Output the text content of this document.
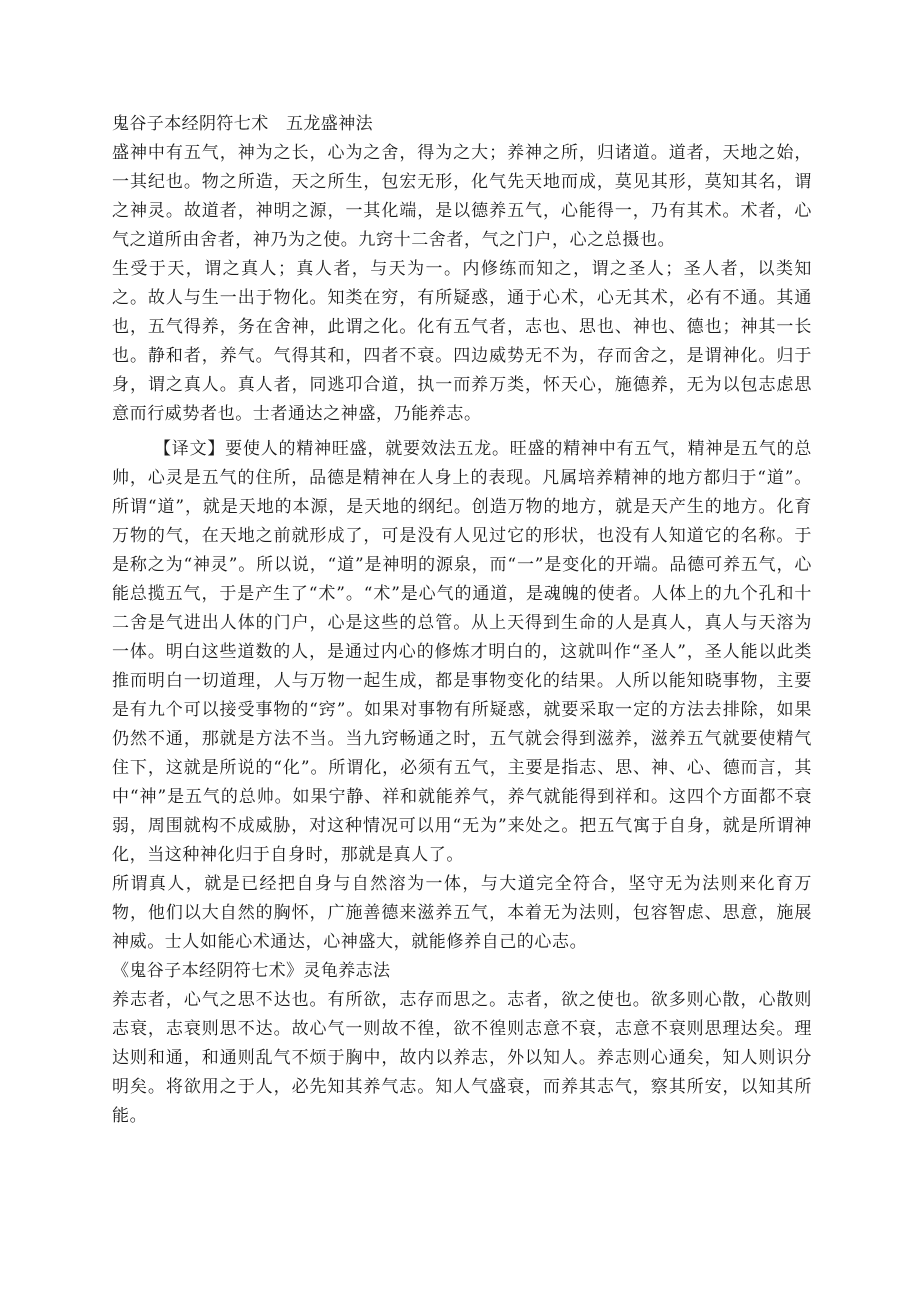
鬼谷子本经阴符七术　五龙盛神法

盛神中有五气，神为之长，心为之舍，得为之大；养神之所，归诸道。道者，天地之始，一其纪也。物之所造，天之所生，包宏无形，化气先天地而成，莫见其形，莫知其名，谓之神灵。故道者，神明之源，一其化端，是以德养五气，心能得一，乃有其术。术者，心气之道所由舍者，神乃为之使。九窍十二舍者，气之门户，心之总摄也。

生受于天，谓之真人；真人者，与天为一。内修练而知之，谓之圣人；圣人者，以类知之。故人与生一出于物化。知类在穷，有所疑惑，通于心术，心无其术，必有不通。其通也，五气得养，务在舍神，此谓之化。化有五气者，志也、思也、神也、德也；神其一长也。静和者，养气。气得其和，四者不衰。四边威势无不为，存而舍之，是谓神化。归于身，谓之真人。真人者，同逃卭合道，执一而养万类，怀天心，施德养，无为以包志虑思意而行威势者也。士者通达之神盛，乃能养志。

【译文】要使人的精神旺盛，就要效法五龙。旺盛的精神中有五气，精神是五气的总帅，心灵是五气的住所，品德是精神在人身上的表现。凡属培养精神的地方都归于“道”。所谓“道”，就是天地的本源，是天地的纲纪。创造万物的地方，就是天产生的地方。化育万物的气，在天地之前就形成了，可是没有人见过它的形状，也没有人知道它的名称。于是称之为“神灵”。所以说，“道”是神明的源泉，而“一”是变化的开端。品德可养五气，心能总揽五气，于是产生了“术”。“术”是心气的通道，是魂魄的使者。人体上的九个孔和十二舍是气进出人体的门户，心是这些的总管。从上天得到生命的人是真人，真人与天溶为一体。明白这些道数的人，是通过内心的修炼才明白的，这就叫作“圣人”，圣人能以此类推而明白一切道理，人与万物一起生成，都是事物变化的结果。人所以能知晓事物，主要是有九个可以接受事物的“窍”。如果对事物有所疑惑，就要采取一定的方法去排除，如果仍然不通，那就是方法不当。当九窍畅通之时，五气就会得到滋养，滋养五气就要使精气住下，这就是所说的“化”。所谓化，必须有五气，主要是指志、思、神、心、德而言，其中“神”是五气的总帅。如果宁静、祥和就能养气，养气就能得到祥和。这四个方面都不衰弱，周围就构不成威胁，对这种情况可以用“无为”来处之。把五气寓于自身，就是所谓神化，当这种神化归于自身时，那就是真人了。

所谓真人，就是已经把自身与自然溶为一体，与大道完全符合，坚守无为法则来化育万物，他们以大自然的胸怀，广施善德来滋养五气，本着无为法则，包容智虑、思意，施展神威。士人如能心术通达，心神盛大，就能修养自己的心志。

《鬼谷子本经阴符七术》灵龟养志法

养志者，心气之思不达也。有所欲，志存而思之。志者，欲之使也。欲多则心散，心散则志衰，志衰则思不达。故心气一则故不徨，欲不徨则志意不衰，志意不衰则思理达矣。理达则和通，和通则乱气不烦于胸中，故内以养志，外以知人。养志则心通矣，知人则识分明矣。将欲用之于人，必先知其养气志。知人气盛衰，而养其志气，察其所安，以知其所能。
